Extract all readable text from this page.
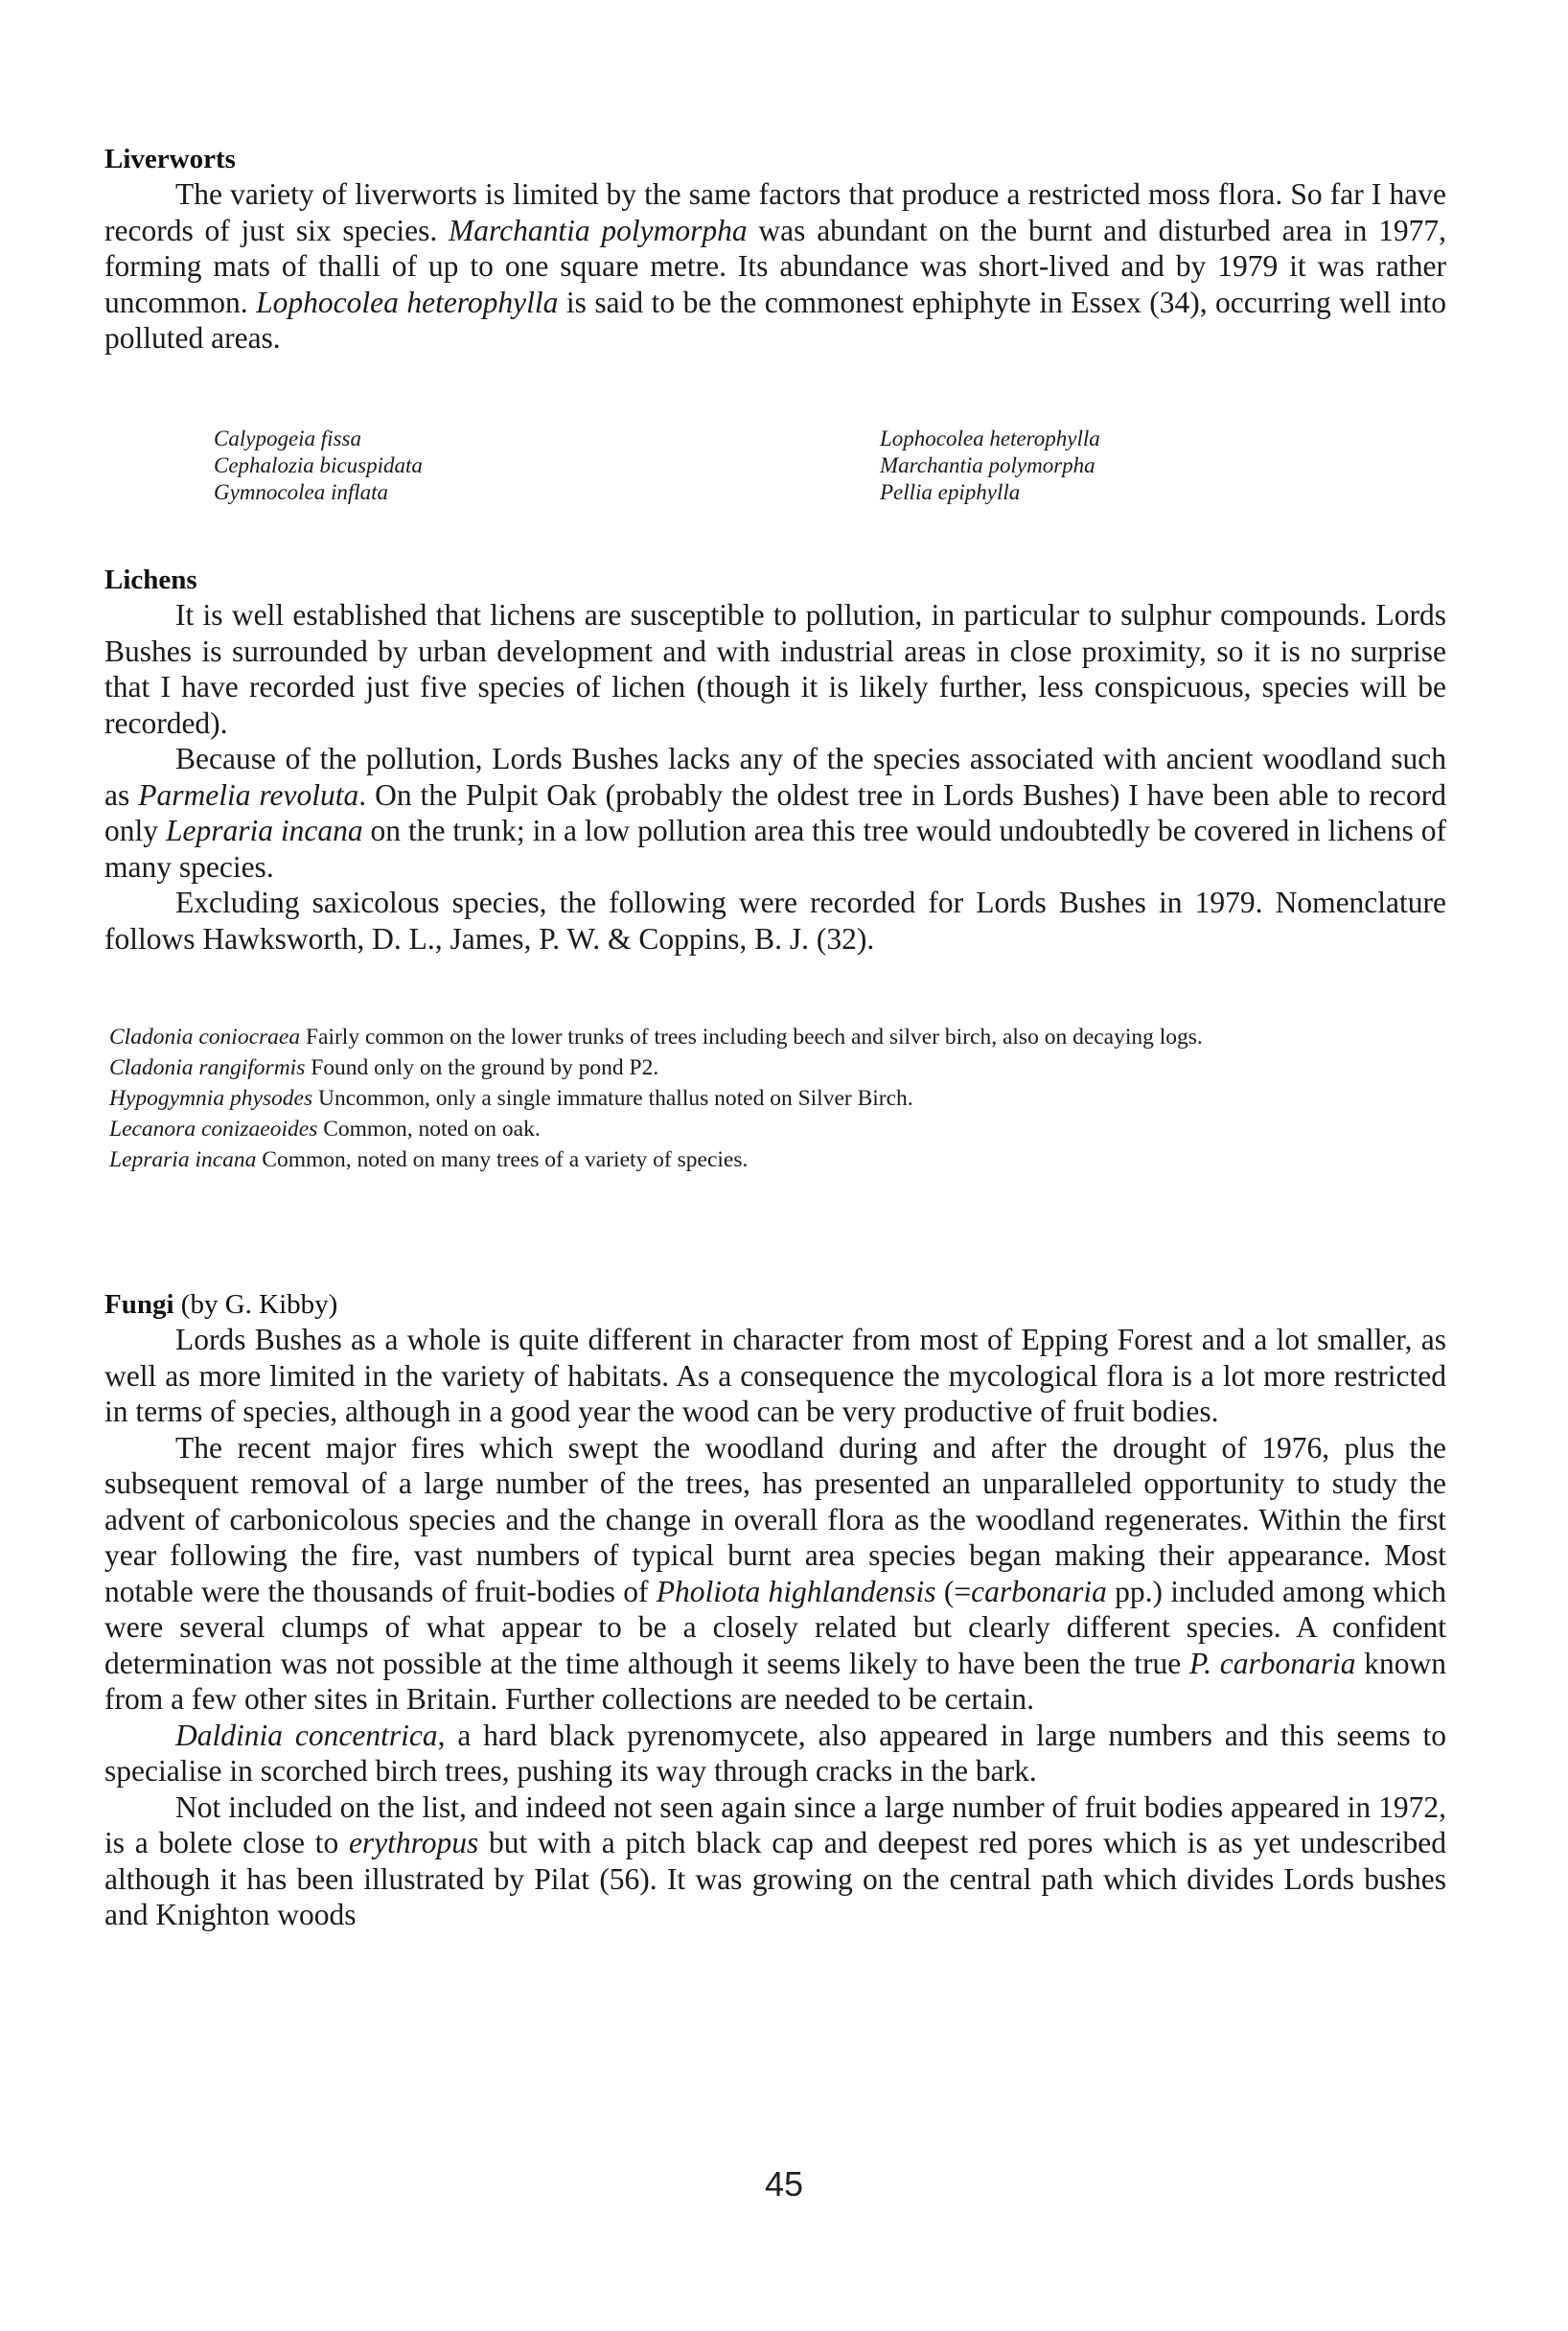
Liverworts

The variety of liverworts is limited by the same factors that produce a restricted moss flora. So far I have records of just six species. Marchantia polymorpha was abundant on the burnt and disturbed area in 1977, forming mats of thalli of up to one square metre. Its abundance was short-lived and by 1979 it was rather uncommon. Lophocolea heterophylla is said to be the commonest ephiphyte in Essex (34), occurring well into polluted areas.

Calypogeia fissa	Lophocolea heterophylla
Cephalozia bicuspidata	Marchantia polymorpha
Gymnocolea inflata	Pellia epiphylla
Lichens

It is well established that lichens are susceptible to pollution, in particular to sulphur compounds. Lords Bushes is surrounded by urban development and with industrial areas in close proximity, so it is no surprise that I have recorded just five species of lichen (though it is likely further, less conspicuous, species will be recorded).

Because of the pollution, Lords Bushes lacks any of the species associated with ancient woodland such as Parmelia revoluta. On the Pulpit Oak (probably the oldest tree in Lords Bushes) I have been able to record only Lepraria incana on the trunk; in a low pollution area this tree would undoubtedly be covered in lichens of many species.

Excluding saxicolous species, the following were recorded for Lords Bushes in 1979. Nomenclature follows Hawksworth, D. L., James, P. W. & Coppins, B. J. (32).

Cladonia coniocraea Fairly common on the lower trunks of trees including beech and silver birch, also on decaying logs.
Cladonia rangiformis Found only on the ground by pond P2.
Hypogymnia physodes Uncommon, only a single immature thallus noted on Silver Birch.
Lecanora conizaeoides Common, noted on oak.
Lepraria incana Common, noted on many trees of a variety of species.
Fungi (by G. Kibby)

Lords Bushes as a whole is quite different in character from most of Epping Forest and a lot smaller, as well as more limited in the variety of habitats. As a consequence the mycological flora is a lot more restricted in terms of species, although in a good year the wood can be very productive of fruit bodies.

The recent major fires which swept the woodland during and after the drought of 1976, plus the subsequent removal of a large number of the trees, has presented an unparalleled opportunity to study the advent of carbonicolous species and the change in overall flora as the woodland regenerates. Within the first year following the fire, vast numbers of typical burnt area species began making their appearance. Most notable were the thousands of fruit-bodies of Pholiota highlandensis (=carbonaria pp.) included among which were several clumps of what appear to be a closely related but clearly different species. A confident determination was not possible at the time although it seems likely to have been the true P. carbonaria known from a few other sites in Britain. Further collections are needed to be certain.

Daldinia concentrica, a hard black pyrenomycete, also appeared in large numbers and this seems to specialise in scorched birch trees, pushing its way through cracks in the bark.

Not included on the list, and indeed not seen again since a large number of fruit bodies appeared in 1972, is a bolete close to erythropus but with a pitch black cap and deepest red pores which is as yet undescribed although it has been illustrated by Pilat (56). It was growing on the central path which divides Lords bushes and Knighton woods

45
